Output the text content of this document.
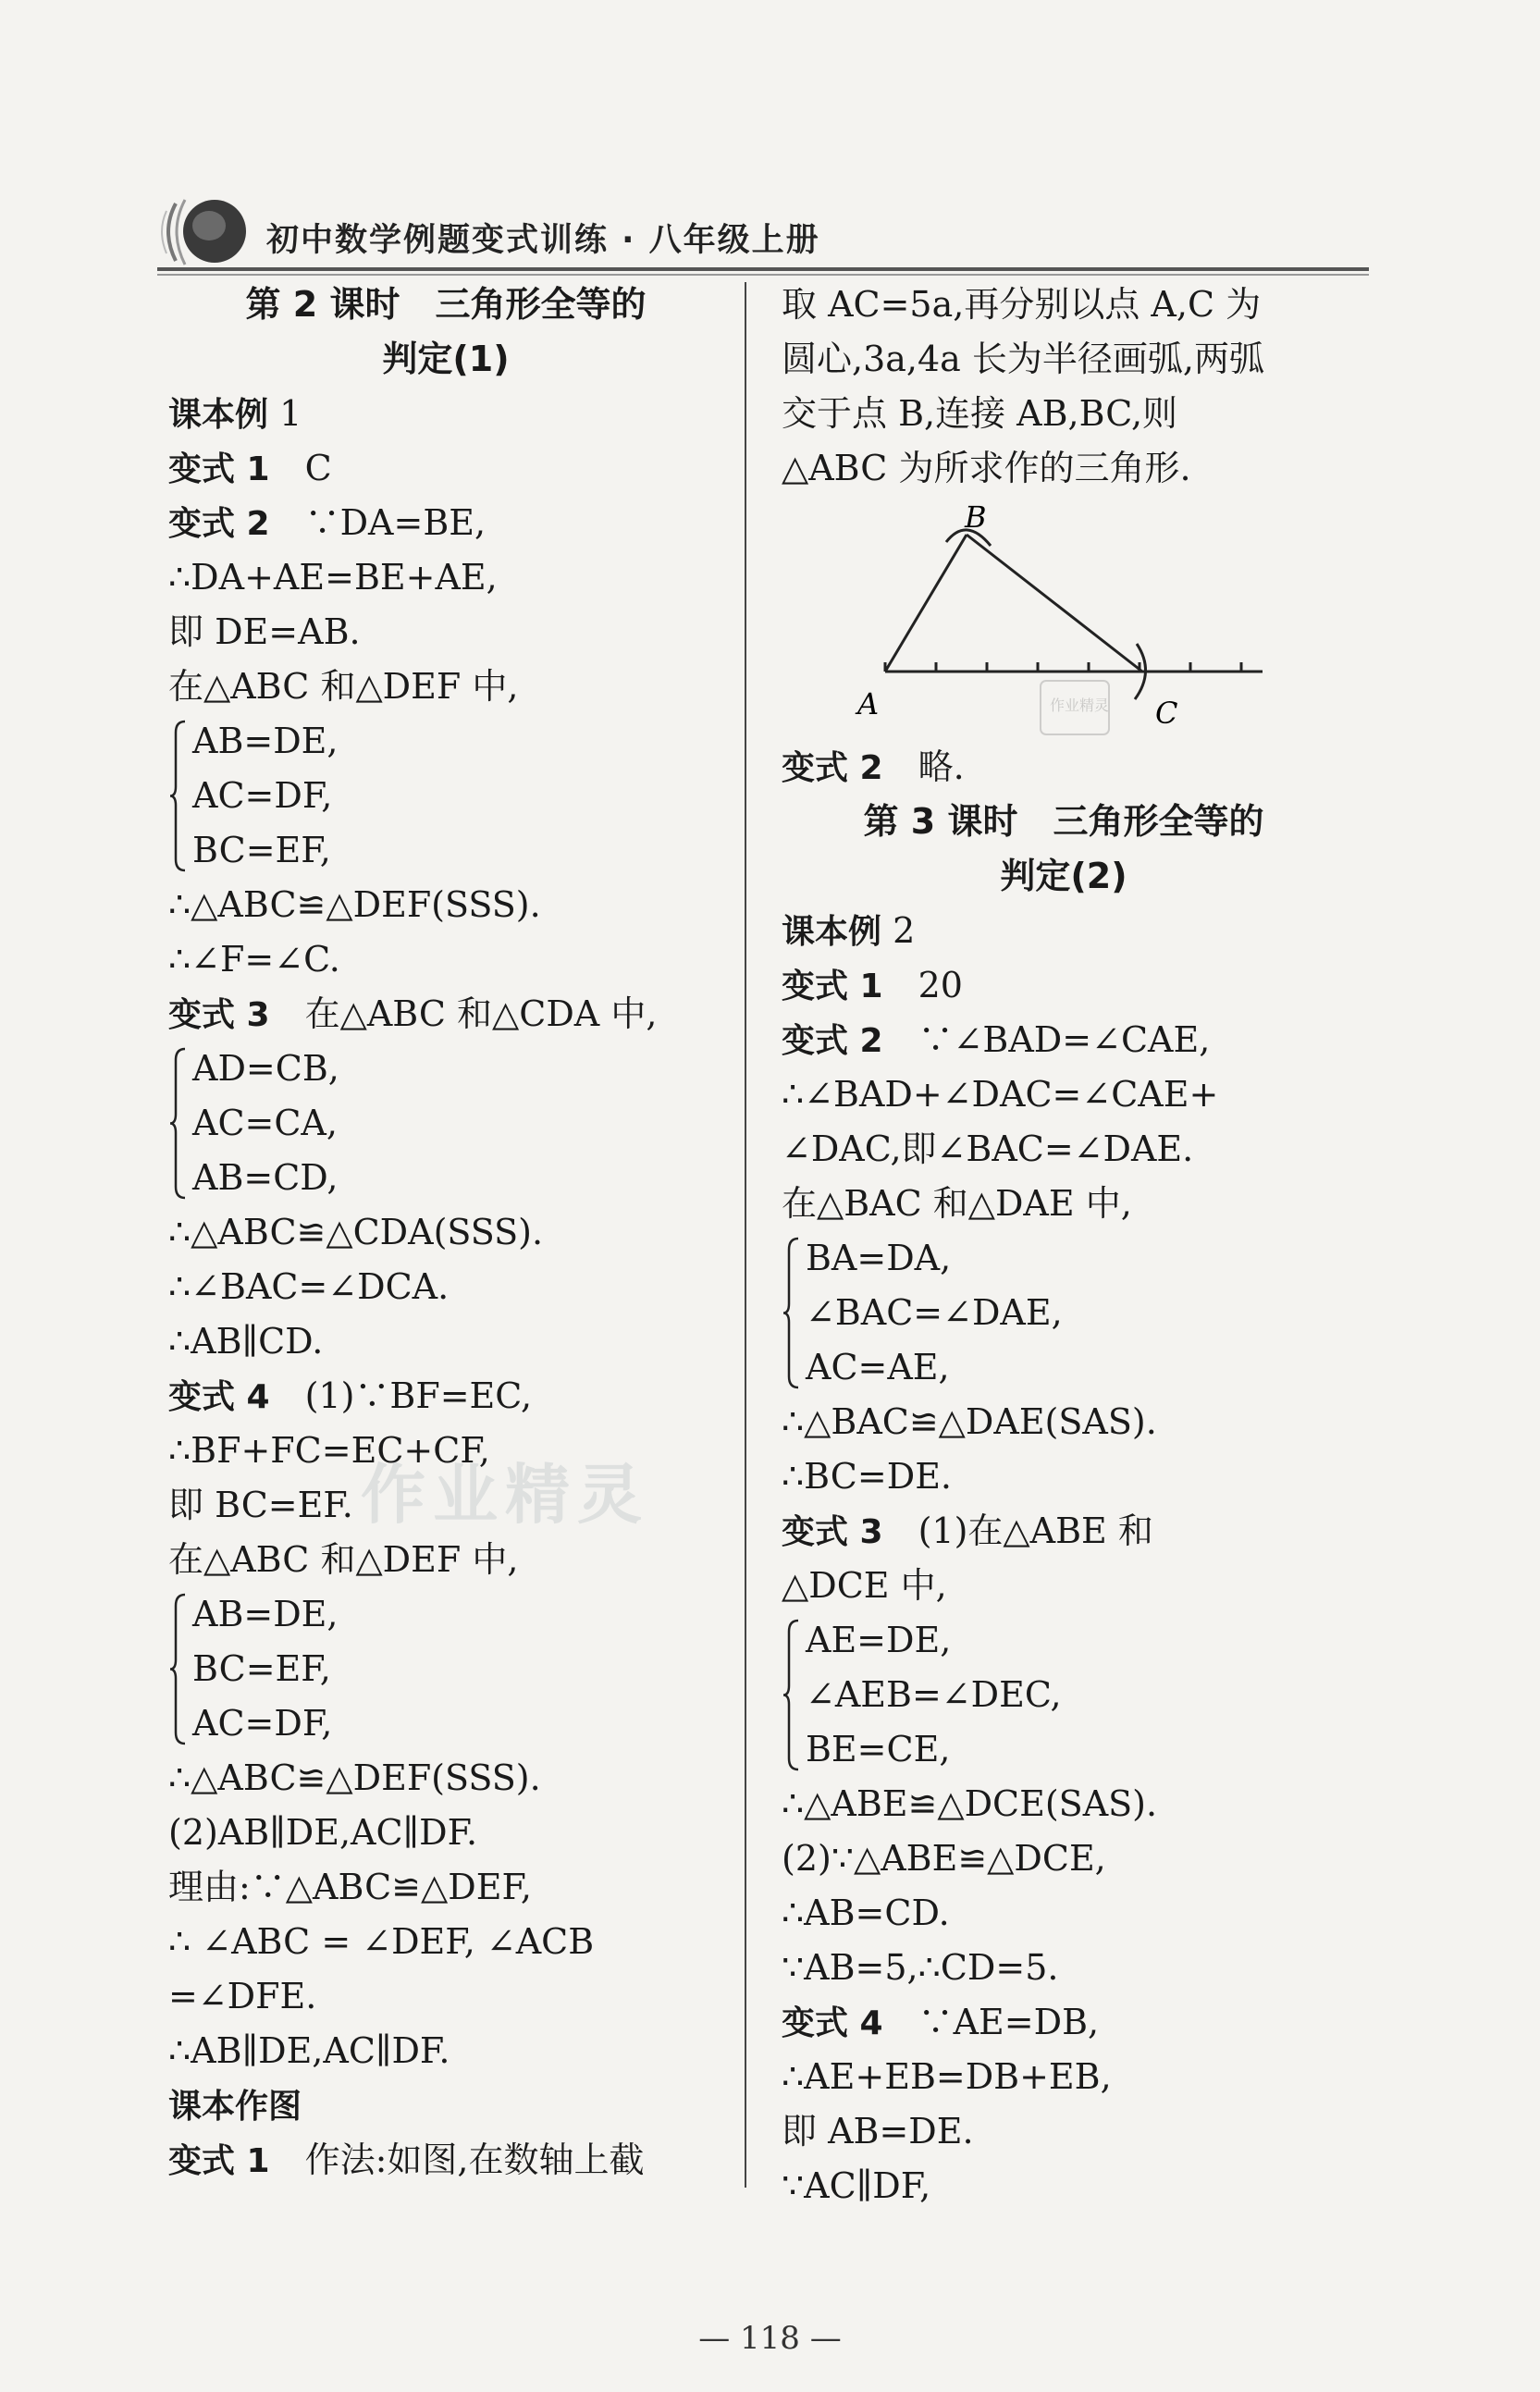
初中数学例题变式训练 · 八年级上册
第 2 课时　三角形全等的
判定(1)
课本例 1
变式 1　C
变式 2　∵DA=BE,
∴DA+AE=BE+AE,
即 DE=AB.
在△ABC 和△DEF 中,
AB=DE,
AC=DF,
BC=EF,
∴△ABC≌△DEF(SSS).
∴∠F=∠C.
变式 3　在△ABC 和△CDA 中,
AD=CB,
AC=CA,
AB=CD,
∴△ABC≌△CDA(SSS).
∴∠BAC=∠DCA.
∴AB∥CD.
变式 4　(1)∵BF=EC,
∴BF+FC=EC+CF,
即 BC=EF.
在△ABC 和△DEF 中,
AB=DE,
BC=EF,
AC=DF,
∴△ABC≌△DEF(SSS).
(2)AB∥DE,AC∥DF.
理由:∵△ABC≌△DEF,
∴ ∠ABC = ∠DEF, ∠ACB
=∠DFE.
∴AB∥DE,AC∥DF.
课本作图
变式 1　作法:如图,在数轴上截
取 AC=5a,再分别以点 A,C 为
圆心,3a,4a 长为半径画弧,两弧
交于点 B,连接 AB,BC,则
△ABC 为所求作的三角形.
A
B
C
作业精灵
变式 2　略.
第 3 课时　三角形全等的
判定(2)
课本例 2
变式 1　20
变式 2　∵∠BAD=∠CAE,
∴∠BAD+∠DAC=∠CAE+
∠DAC,即∠BAC=∠DAE.
在△BAC 和△DAE 中,
BA=DA,
∠BAC=∠DAE,
AC=AE,
∴△BAC≌△DAE(SAS).
∴BC=DE.
变式 3　(1)在△ABE 和
△DCE 中,
AE=DE,
∠AEB=∠DEC,
BE=CE,
∴△ABE≌△DCE(SAS).
(2)∵△ABE≌△DCE,
∴AB=CD.
∵AB=5,∴CD=5.
变式 4　∵AE=DB,
∴AE+EB=DB+EB,
即 AB=DE.
∵AC∥DF,
作业精灵
— 118 —
